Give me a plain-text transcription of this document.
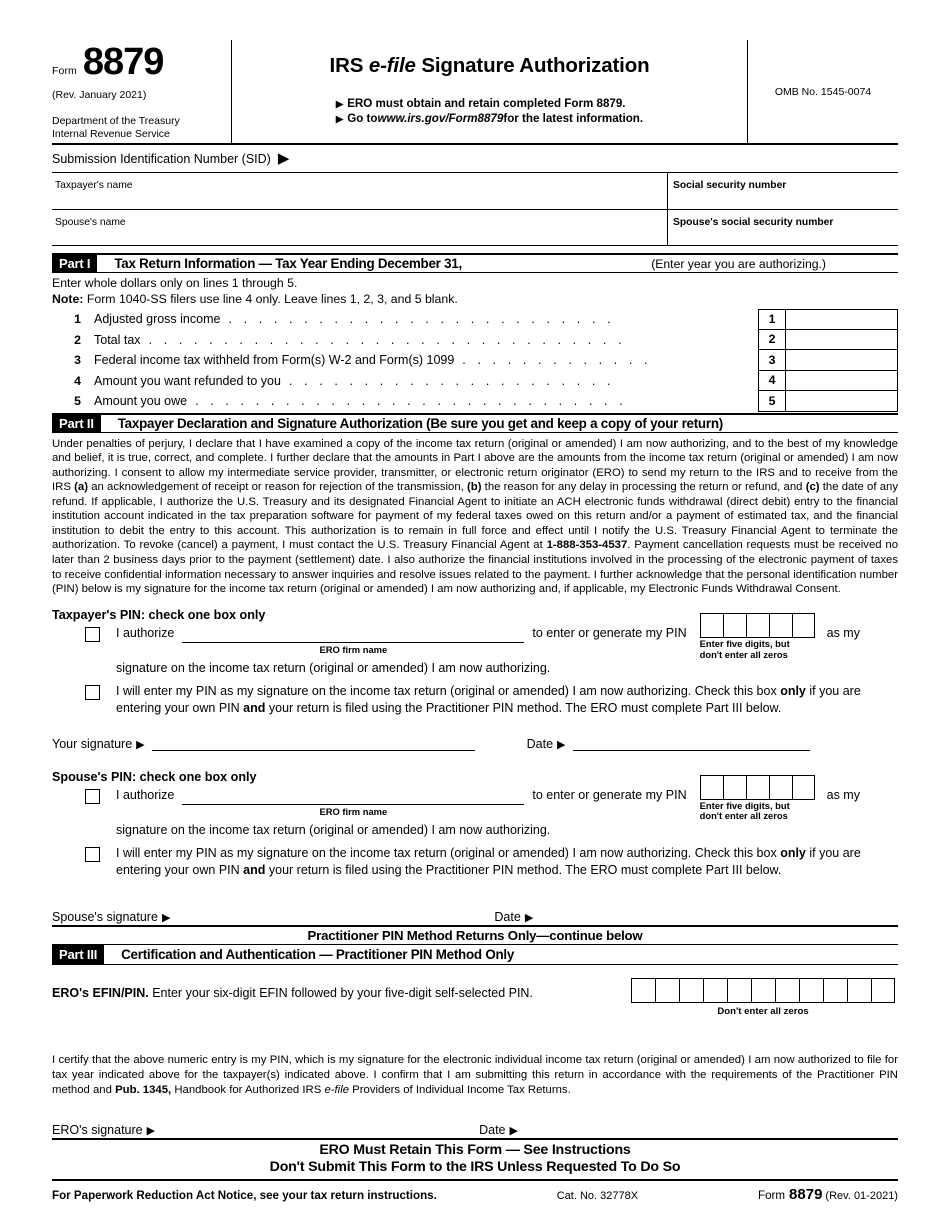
Form 8879
(Rev. January 2021)
Department of the Treasury
Internal Revenue Service
IRS e-file Signature Authorization
▶ ERO must obtain and retain completed Form 8879.
▶ Go to www.irs.gov/Form8879 for the latest information.
OMB No. 1545-0074
Submission Identification Number (SID) ▶
Taxpayer's name	Social security number
Spouse's name	Spouse's social security number
Part I	Tax Return Information — Tax Year Ending December 31,	(Enter year you are authorizing.)
Enter whole dollars only on lines 1 through 5.
Note: Form 1040-SS filers use line 4 only. Leave lines 1, 2, 3, and 5 blank.
1	Adjusted gross income . . . . . . . . . . . . . . . . . . . . . . . . . .	1
2	Total tax . . . . . . . . . . . . . . . . . . . . . . . . . . . . . . . .	2
3	Federal income tax withheld from Form(s) W-2 and Form(s) 1099 . . . . . . . . . . . . .	3
4	Amount you want refunded to you . . . . . . . . . . . . . . . . . . . . . .	4
5	Amount you owe . . . . . . . . . . . . . . . . . . . . . . . . . . . . .	5
Part II	Taxpayer Declaration and Signature Authorization (Be sure you get and keep a copy of your return)
Under penalties of perjury, I declare that I have examined a copy of the income tax return (original or amended) I am now authorizing, and to the best of my knowledge and belief, it is true, correct, and complete. I further declare that the amounts in Part I above are the amounts from the income tax return (original or amended) I am now authorizing. I consent to allow my intermediate service provider, transmitter, or electronic return originator (ERO) to send my return to the IRS and to receive from the IRS (a) an acknowledgement of receipt or reason for rejection of the transmission, (b) the reason for any delay in processing the return or refund, and (c) the date of any refund. If applicable, I authorize the U.S. Treasury and its designated Financial Agent to initiate an ACH electronic funds withdrawal (direct debit) entry to the financial institution account indicated in the tax preparation software for payment of my federal taxes owed on this return and/or a payment of estimated tax, and the financial institution to debit the entry to this account. This authorization is to remain in full force and effect until I notify the U.S. Treasury Financial Agent to terminate the authorization. To revoke (cancel) a payment, I must contact the U.S. Treasury Financial Agent at 1-888-353-4537. Payment cancellation requests must be received no later than 2 business days prior to the payment (settlement) date. I also authorize the financial institutions involved in the processing of the electronic payment of taxes to receive confidential information necessary to answer inquiries and resolve issues related to the payment. I further acknowledge that the personal identification number (PIN) below is my signature for the income tax return (original or amended) I am now authorizing and, if applicable, my Electronic Funds Withdrawal Consent.
Taxpayer's PIN: check one box only
I authorize
ERO firm name
to enter or generate my PIN
Enter five digits, but
don't enter all zeros
as my
signature on the income tax return (original or amended) I am now authorizing.
I will enter my PIN as my signature on the income tax return (original or amended) I am now authorizing. Check this box only if you are entering your own PIN and your return is filed using the Practitioner PIN method. The ERO must complete Part III below.
Your signature ▶	Date ▶
Spouse's PIN: check one box only
I authorize
ERO firm name
to enter or generate my PIN
Enter five digits, but
don't enter all zeros
as my
signature on the income tax return (original or amended) I am now authorizing.
I will enter my PIN as my signature on the income tax return (original or amended) I am now authorizing. Check this box only if you are entering your own PIN and your return is filed using the Practitioner PIN method. The ERO must complete Part III below.
Spouse's signature ▶	Date ▶
Practitioner PIN Method Returns Only—continue below
Part III	Certification and Authentication — Practitioner PIN Method Only
ERO's EFIN/PIN. Enter your six-digit EFIN followed by your five-digit self-selected PIN.
Don't enter all zeros
I certify that the above numeric entry is my PIN, which is my signature for the electronic individual income tax return (original or amended) I am now authorized to file for tax year indicated above for the taxpayer(s) indicated above. I confirm that I am submitting this return in accordance with the requirements of the Practitioner PIN method and Pub. 1345, Handbook for Authorized IRS e-file Providers of Individual Income Tax Returns.
ERO's signature ▶	Date ▶
ERO Must Retain This Form — See Instructions
Don't Submit This Form to the IRS Unless Requested To Do So
For Paperwork Reduction Act Notice, see your tax return instructions.	Cat. No. 32778X	Form 8879 (Rev. 01-2021)
